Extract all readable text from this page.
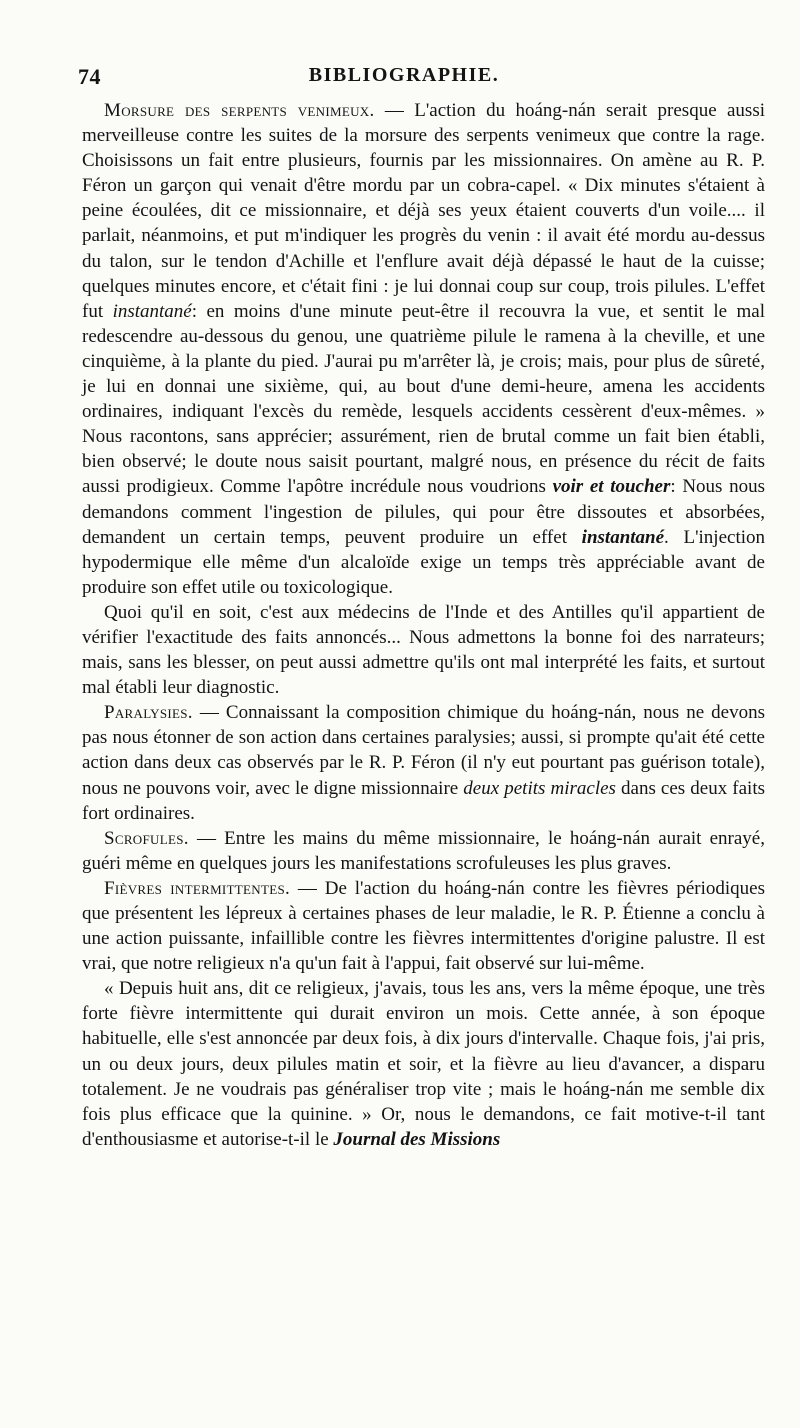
74	BIBLIOGRAPHIE.

Morsure des serpents venimeux. — L'action du hoáng-nán serait presque aussi merveilleuse contre les suites de la morsure des serpents venimeux que contre la rage. Choisissons un fait entre plusieurs, fournis par les missionnaires. On amène au R. P. Féron un garçon qui venait d'être mordu par un cobra-capel. « Dix minutes s'étaient à peine écoulées, dit ce missionnaire, et déjà ses yeux étaient couverts d'un voile.... il parlait, néanmoins, et put m'indiquer les progrès du venin : il avait été mordu au-dessus du talon, sur le tendon d'Achille et l'enflure avait déjà dépassé le haut de la cuisse; quelques minutes encore, et c'était fini : je lui donnai coup sur coup, trois pilules. L'effet fut instantané: en moins d'une minute peut-être il recouvra la vue, et sentit le mal redescendre au-dessous du genou, une quatrième pilule le ramena à la cheville, et une cinquième, à la plante du pied. J'aurai pu m'arrêter là, je crois; mais, pour plus de sûreté, je lui en donnai une sixième, qui, au bout d'une demi-heure, amena les accidents ordinaires, indiquant l'excès du remède, lesquels accidents cessèrent d'eux-mêmes. » Nous racontons, sans apprécier; assurément, rien de brutal comme un fait bien établi, bien observé; le doute nous saisit pourtant, malgré nous, en présence du récit de faits aussi prodigieux. Comme l'apôtre incrédule nous voudrions voir et toucher: Nous nous demandons comment l'ingestion de pilules, qui pour être dissoutes et absorbées, demandent un certain temps, peuvent produire un effet instantané. L'injection hypodermique elle même d'un alcaloïde exige un temps très appréciable avant de produire son effet utile ou toxicologique.

Quoi qu'il en soit, c'est aux médecins de l'Inde et des Antilles qu'il appartient de vérifier l'exactitude des faits annoncés... Nous admettons la bonne foi des narrateurs; mais, sans les blesser, on peut aussi admettre qu'ils ont mal interprété les faits, et surtout mal établi leur diagnostic.

Paralysies. — Connaissant la composition chimique du hoáng-nán, nous ne devons pas nous étonner de son action dans certaines paralysies; aussi, si prompte qu'ait été cette action dans deux cas observés par le R. P. Féron (il n'y eut pourtant pas guérison totale), nous ne pouvons voir, avec le digne missionnaire deux petits miracles dans ces deux faits fort ordinaires.

Scrofules. — Entre les mains du même missionnaire, le hoáng-nán aurait enrayé, guéri même en quelques jours les manifestations scrofuleuses les plus graves.

Fièvres intermittentes. — De l'action du hoáng-nán contre les fièvres périodiques que présentent les lépreux à certaines phases de leur maladie, le R. P. Étienne a conclu à une action puissante, infaillible contre les fièvres intermittentes d'origine palustre. Il est vrai, que notre religieux n'a qu'un fait à l'appui, fait observé sur lui-même.

« Depuis huit ans, dit ce religieux, j'avais, tous les ans, vers la même époque, une très forte fièvre intermittente qui durait environ un mois. Cette année, à son époque habituelle, elle s'est annoncée par deux fois, à dix jours d'intervalle. Chaque fois, j'ai pris, un ou deux jours, deux pilules matin et soir, et la fièvre au lieu d'avancer, a disparu totalement. Je ne voudrais pas généraliser trop vite ; mais le hoáng-nán me semble dix fois plus efficace que la quinine. » Or, nous le demandons, ce fait motive-t-il tant d'enthousiasme et autorise-t-il le Journal des Missions
